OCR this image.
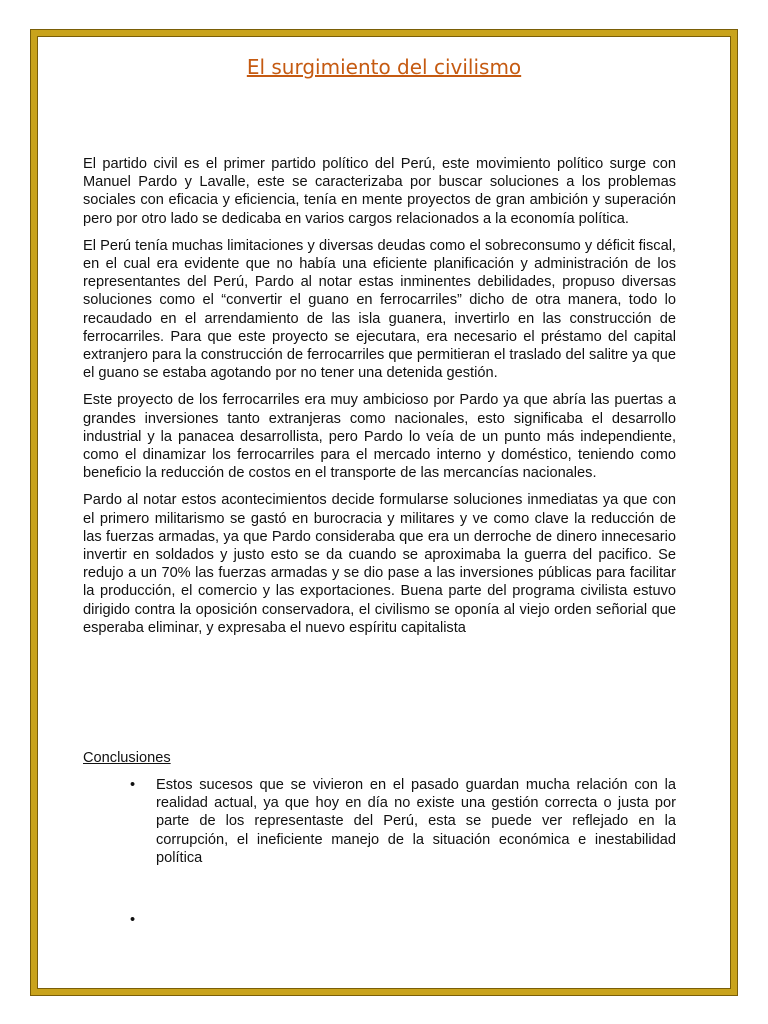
El surgimiento del civilismo

El partido civil es el primer partido político del Perú, este movimiento político surge con Manuel Pardo y Lavalle, este se caracterizaba por buscar soluciones a los problemas sociales con eficacia y eficiencia, tenía en mente proyectos de gran ambición y superación pero por otro lado se dedicaba en varios cargos relacionados a la economía política.

El Perú tenía muchas limitaciones y diversas deudas como el sobreconsumo y déficit fiscal, en el cual era evidente que no había una eficiente planificación y administración de los representantes del Perú, Pardo al notar estas inminentes debilidades, propuso diversas soluciones como el “convertir el guano en ferrocarriles” dicho de otra manera, todo lo recaudado en el arrendamiento de las isla guanera, invertirlo en las construcción de ferrocarriles. Para que este proyecto se ejecutara, era necesario el préstamo del capital extranjero para la construcción de ferrocarriles que permitieran el traslado del salitre ya que el guano se estaba agotando por no tener una detenida gestión.

Este proyecto de los ferrocarriles era muy ambicioso por Pardo ya que abría las puertas a grandes inversiones tanto extranjeras como nacionales, esto significaba el desarrollo industrial y la panacea desarrollista, pero Pardo lo veía de un punto más independiente, como el dinamizar los ferrocarriles para el mercado interno y doméstico, teniendo como beneficio la reducción de costos en el transporte de las mercancías nacionales.

Pardo al notar estos acontecimientos decide formularse soluciones inmediatas ya que con el primero militarismo se gastó en burocracia y militares y ve como clave la reducción de las fuerzas armadas, ya que Pardo consideraba que era un derroche de dinero innecesario invertir en soldados y justo esto se da cuando se aproximaba la guerra del pacifico. Se redujo a un 70% las fuerzas armadas y se dio pase a las inversiones públicas para facilitar la producción, el comercio y las exportaciones. Buena parte del programa civilista estuvo dirigido contra la oposición conservadora, el civilismo se oponía al viejo orden señorial que esperaba eliminar, y expresaba el nuevo espíritu capitalista

Conclusiones

• Estos sucesos que se vivieron en el pasado guardan mucha relación con la realidad actual, ya que hoy en día no existe una gestión correcta o justa por parte de los representaste del Perú, esta se puede ver reflejado en la corrupción, el ineficiente manejo de la situación económica e inestabilidad política
•
